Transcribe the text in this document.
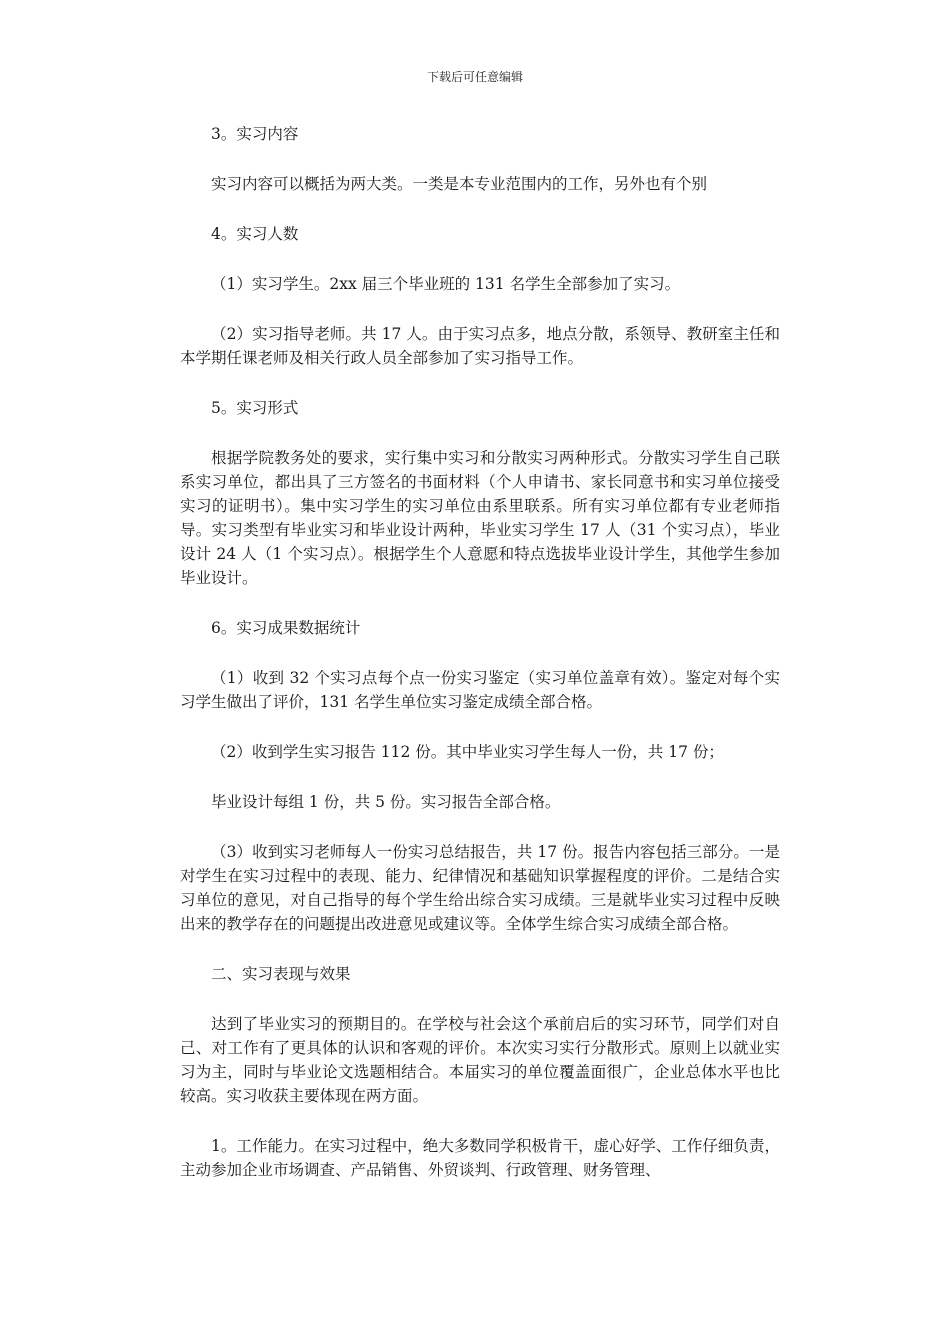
下载后可任意编辑

3。实习内容

实习内容可以概括为两大类。一类是本专业范围内的工作，另外也有个别

4。实习人数

（1）实习学生。2xx 届三个毕业班的 131 名学生全部参加了实习。

（2）实习指导老师。共 17 人。由于实习点多，地点分散，系领导、教研室主任和本学期任课老师及相关行政人员全部参加了实习指导工作。

5。实习形式

根据学院教务处的要求，实行集中实习和分散实习两种形式。分散实习学生自己联系实习单位，都出具了三方签名的书面材料（个人申请书、家长同意书和实习单位接受实习的证明书）。集中实习学生的实习单位由系里联系。所有实习单位都有专业老师指导。实习类型有毕业实习和毕业设计两种，毕业实习学生 17 人（31 个实习点），毕业设计 24 人（1 个实习点）。根据学生个人意愿和特点选拔毕业设计学生，其他学生参加毕业设计。

6。实习成果数据统计

（1）收到 32 个实习点每个点一份实习鉴定（实习单位盖章有效）。鉴定对每个实习学生做出了评价，131 名学生单位实习鉴定成绩全部合格。

（2）收到学生实习报告 112 份。其中毕业实习学生每人一份，共 17 份；

毕业设计每组 1 份，共 5 份。实习报告全部合格。

（3）收到实习老师每人一份实习总结报告，共 17 份。报告内容包括三部分。一是对学生在实习过程中的表现、能力、纪律情况和基础知识掌握程度的评价。二是结合实习单位的意见，对自己指导的每个学生给出综合实习成绩。三是就毕业实习过程中反映出来的教学存在的问题提出改进意见或建议等。全体学生综合实习成绩全部合格。

二、实习表现与效果

达到了毕业实习的预期目的。在学校与社会这个承前启后的实习环节，同学们对自己、对工作有了更具体的认识和客观的评价。本次实习实行分散形式。原则上以就业实习为主，同时与毕业论文选题相结合。本届实习的单位覆盖面很广，企业总体水平也比较高。实习收获主要体现在两方面。

1。工作能力。在实习过程中，绝大多数同学积极肯干，虚心好学、工作仔细负责，主动参加企业市场调查、产品销售、外贸谈判、行政管理、财务管理、
